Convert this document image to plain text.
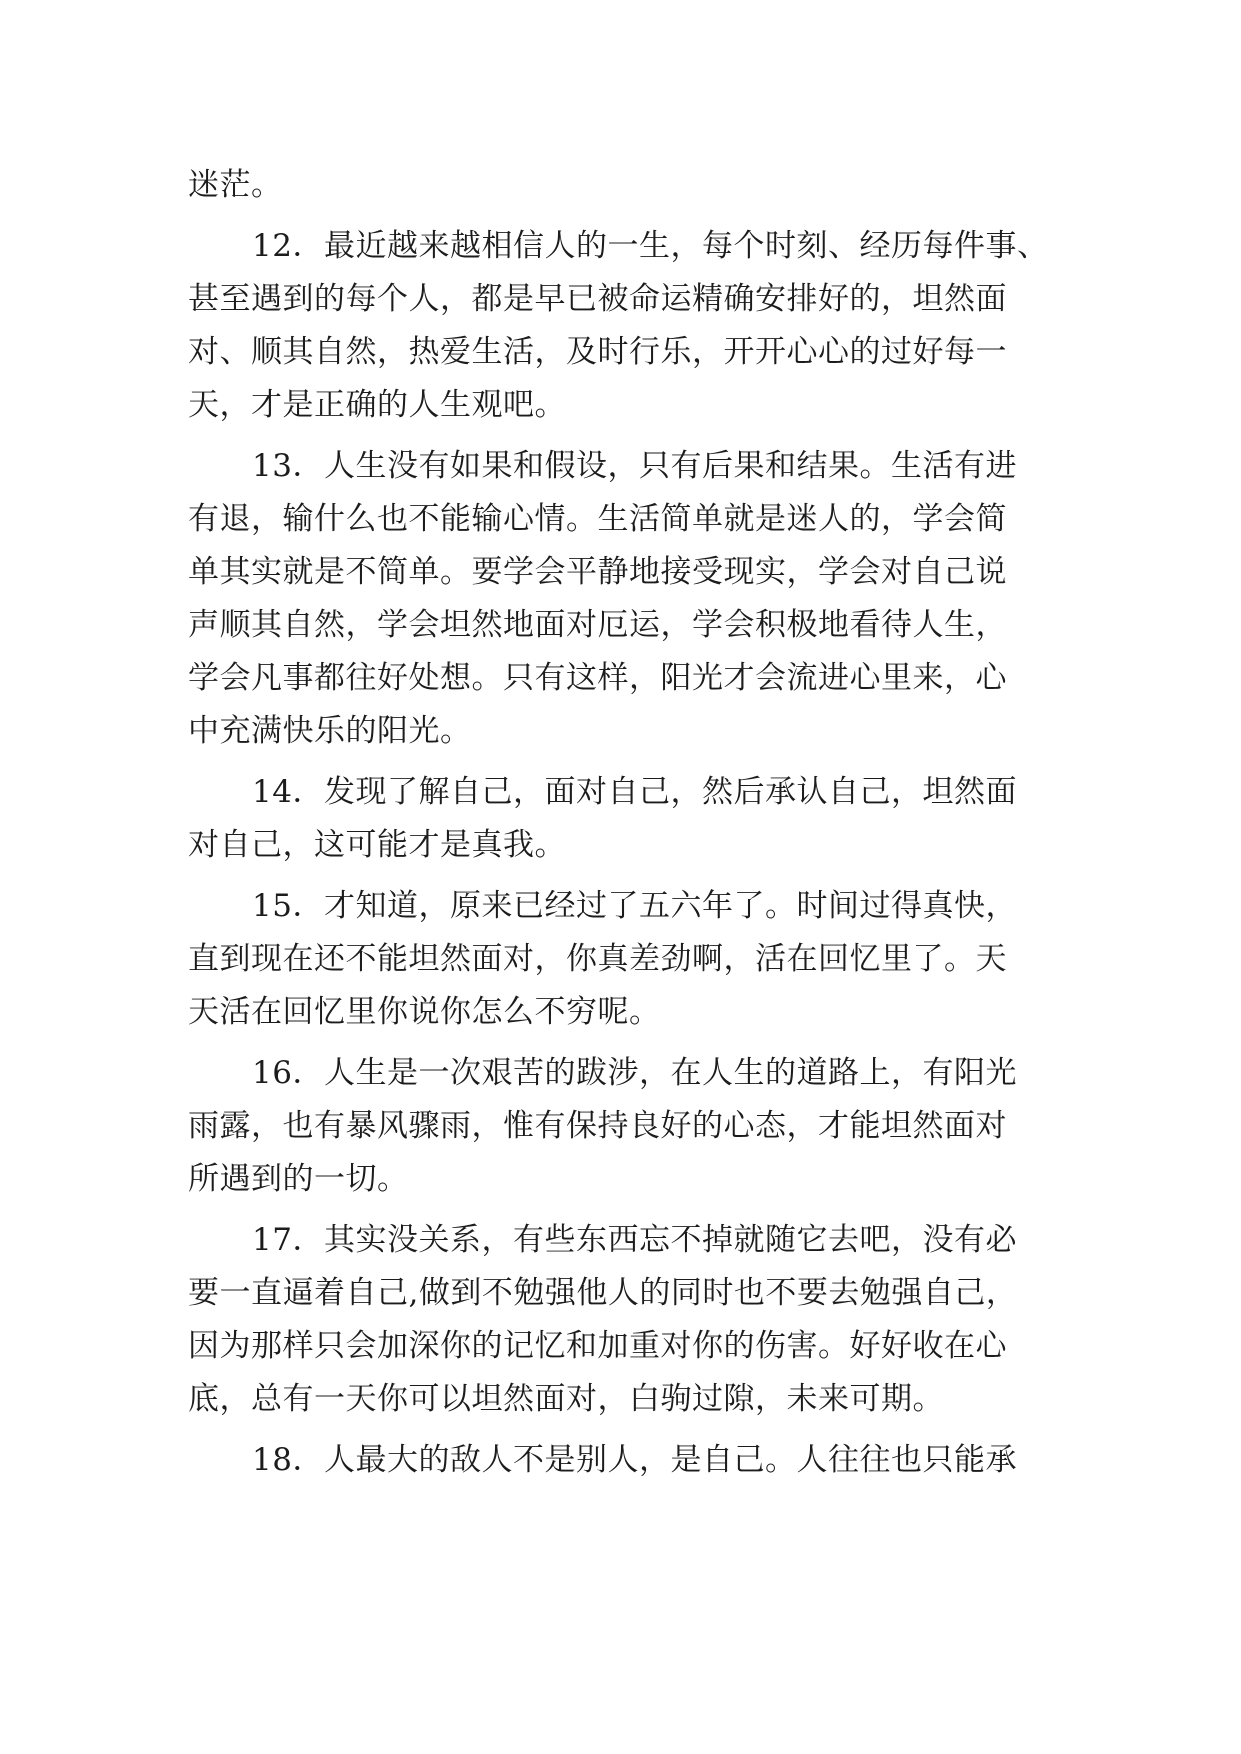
迷茫。
12．最近越来越相信人的一生，每个时刻、经历每件事、
甚至遇到的每个人，都是早已被命运精确安排好的，坦然面
对、顺其自然，热爱生活，及时行乐，开开心心的过好每一
天，才是正确的人生观吧。
13．人生没有如果和假设，只有后果和结果。生活有进
有退，输什么也不能输心情。生活简单就是迷人的，学会简
单其实就是不简单。要学会平静地接受现实，学会对自己说
声顺其自然，学会坦然地面对厄运，学会积极地看待人生，
学会凡事都往好处想。只有这样，阳光才会流进心里来，心
中充满快乐的阳光。
14．发现了解自己，面对自己，然后承认自己，坦然面
对自己，这可能才是真我。
15．才知道，原来已经过了五六年了。时间过得真快，
直到现在还不能坦然面对，你真差劲啊，活在回忆里了。天
天活在回忆里你说你怎么不穷呢。
16．人生是一次艰苦的跋涉，在人生的道路上，有阳光
雨露，也有暴风骤雨，惟有保持良好的心态，才能坦然面对
所遇到的一切。
17．其实没关系，有些东西忘不掉就随它去吧，没有必
要一直逼着自己,做到不勉强他人的同时也不要去勉强自己，
因为那样只会加深你的记忆和加重对你的伤害。好好收在心
底，总有一天你可以坦然面对，白驹过隙，未来可期。
18．人最大的敌人不是别人，是自己。人往往也只能承
